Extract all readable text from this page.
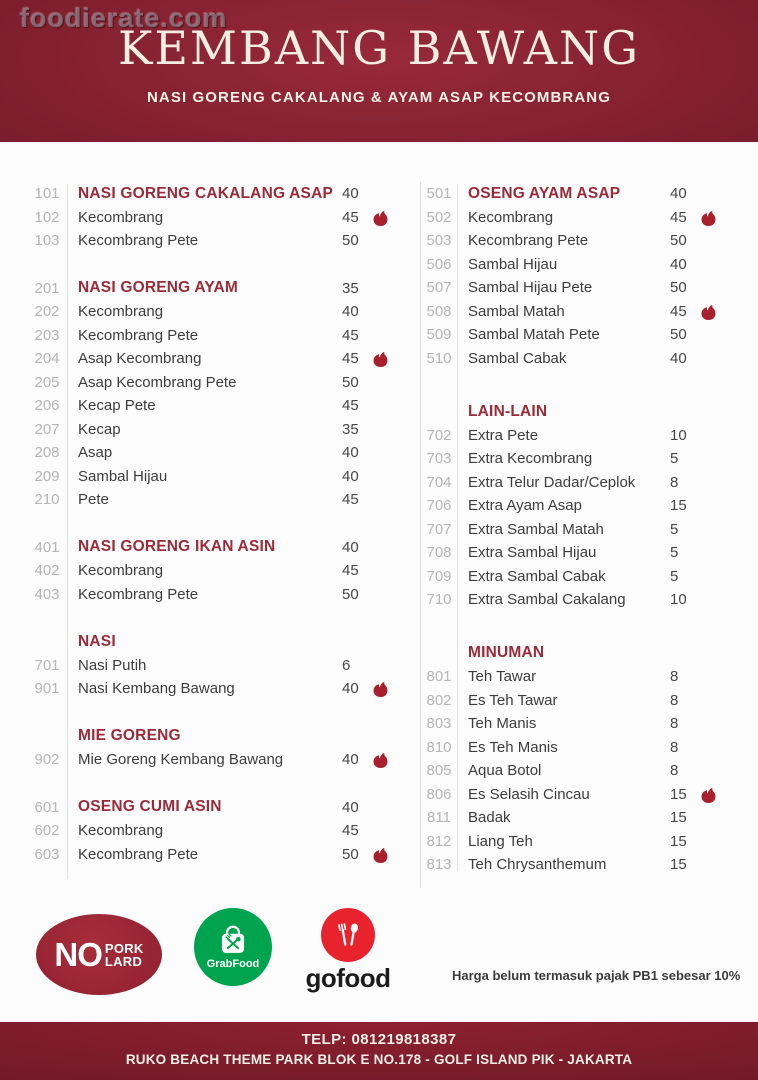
foodierate.com
KEMBANG BAWANG
NASI GORENG CAKALANG & AYAM ASAP KECOMBRANG
101 NASI GORENG CAKALANG ASAP 40
102 Kecombrang	45
103 Kecombrang Pete	50
201 NASI GORENG AYAM	35
202 Kecombrang	40
203 Kecombrang Pete	45
204 Asap Kecombrang	45
205 Asap Kecombrang Pete	50
206 Kecap Pete	45
207 Kecap	35
208 Asap	40
209 Sambal Hijau	40
210 Pete	45
401 NASI GORENG IKAN ASIN	40
402 Kecombrang	45
403 Kecombrang Pete	50
NASI
701 Nasi Putih	6
901 Nasi Kembang Bawang	40
MIE GORENG
902 Mie Goreng Kembang Bawang	40
601 OSENG CUMI ASIN	40
602 Kecombrang	45
603 Kecombrang Pete	50
501 OSENG AYAM ASAP	40
502 Kecombrang	45
503 Kecombrang Pete	50
506 Sambal Hijau	40
507 Sambal Hijau Pete	50
508 Sambal Matah	45
509 Sambal Matah Pete	50
510 Sambal Cabak	40
LAIN-LAIN
702 Extra Pete	10
703 Extra Kecombrang	5
704 Extra Telur Dadar/Ceplok	8
706 Extra Ayam Asap	15
707 Extra Sambal Matah	5
708 Extra Sambal Hijau	5
709 Extra Sambal Cabak	5
710 Extra Sambal Cakalang	10
MINUMAN
801 Teh Tawar	8
802 Es Teh Tawar	8
803 Teh Manis	8
810 Es Teh Manis	8
805 Aqua Botol	8
806 Es Selasih Cincau	15
811 Badak	15
812 Liang Teh	15
813 Teh Chrysanthemum	15
NO PORK
LARD	GrabFood gofood	Harga belum termasuk pajak PB1 sebesar 10%
TELP: 081219818387
RUKO BEACH THEME PARK BLOK E NO.178 - GOLF ISLAND PIK - JAKARTA
